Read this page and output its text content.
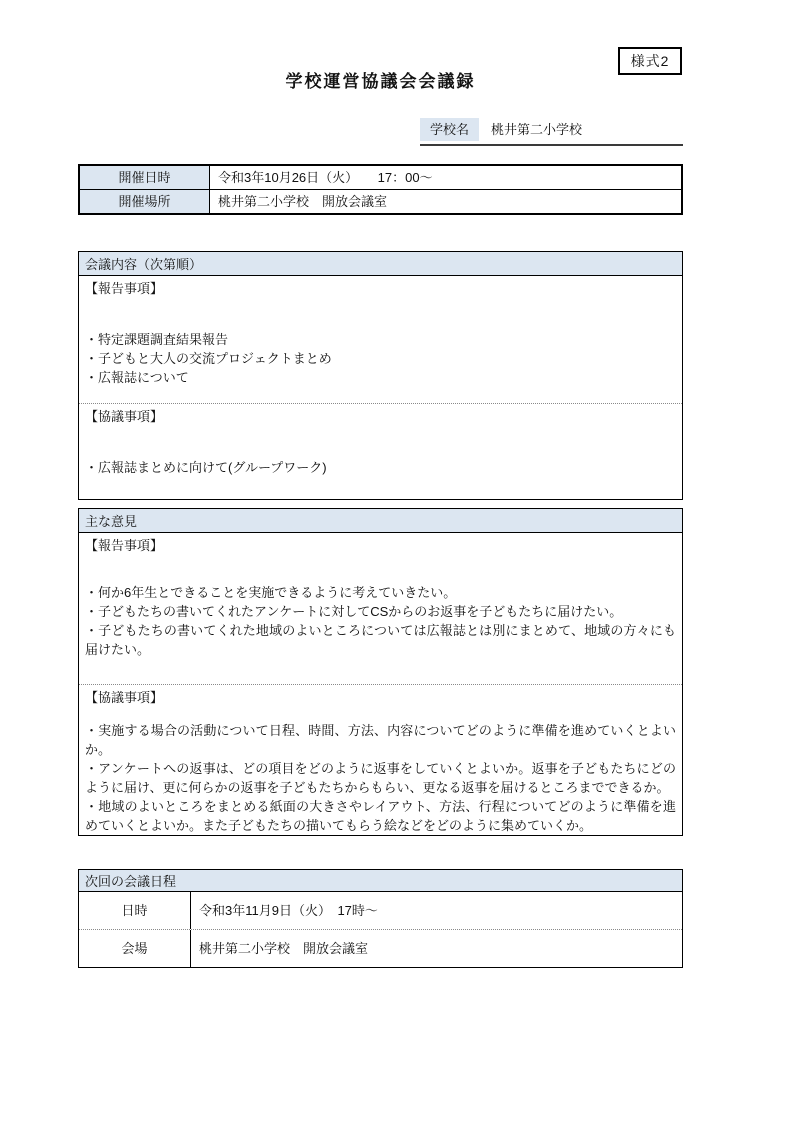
様式2
学校運営協議会会議録
学校名	桃井第二小学校
開催日時	令和3年10月26日（火）　　17：00～
開催場所	桃井第二小学校　開放会議室
会議内容（次第順）
【報告事項】
・特定課題調査結果報告
・子どもと大人の交流プロジェクトまとめ
・広報誌について
【協議事項】
・広報誌まとめに向けて(グループワーク)
主な意見
【報告事項】
・何か6年生とできることを実施できるように考えていきたい。
・子どもたちの書いてくれたアンケートに対してCSからのお返事を子どもたちに届けたい。
・子どもたちの書いてくれた地域のよいところについては広報誌とは別にまとめて、地域の方々にも届けたい。
【協議事項】
・実施する場合の活動について日程、時間、方法、内容についてどのように準備を進めていくとよいか。
・アンケートへの返事は、どの項目をどのように返事をしていくとよいか。返事を子どもたちにどのように届け、更に何らかの返事を子どもたちからもらい、更なる返事を届けるところまでできるか。
・地域のよいところをまとめる紙面の大きさやレイアウト、方法、行程についてどのように準備を進めていくとよいか。また子どもたちの描いてもらう絵などをどのように集めていくか。
次回の会議日程
日時	令和3年11月9日（火）　17時～
会場	桃井第二小学校　開放会議室
